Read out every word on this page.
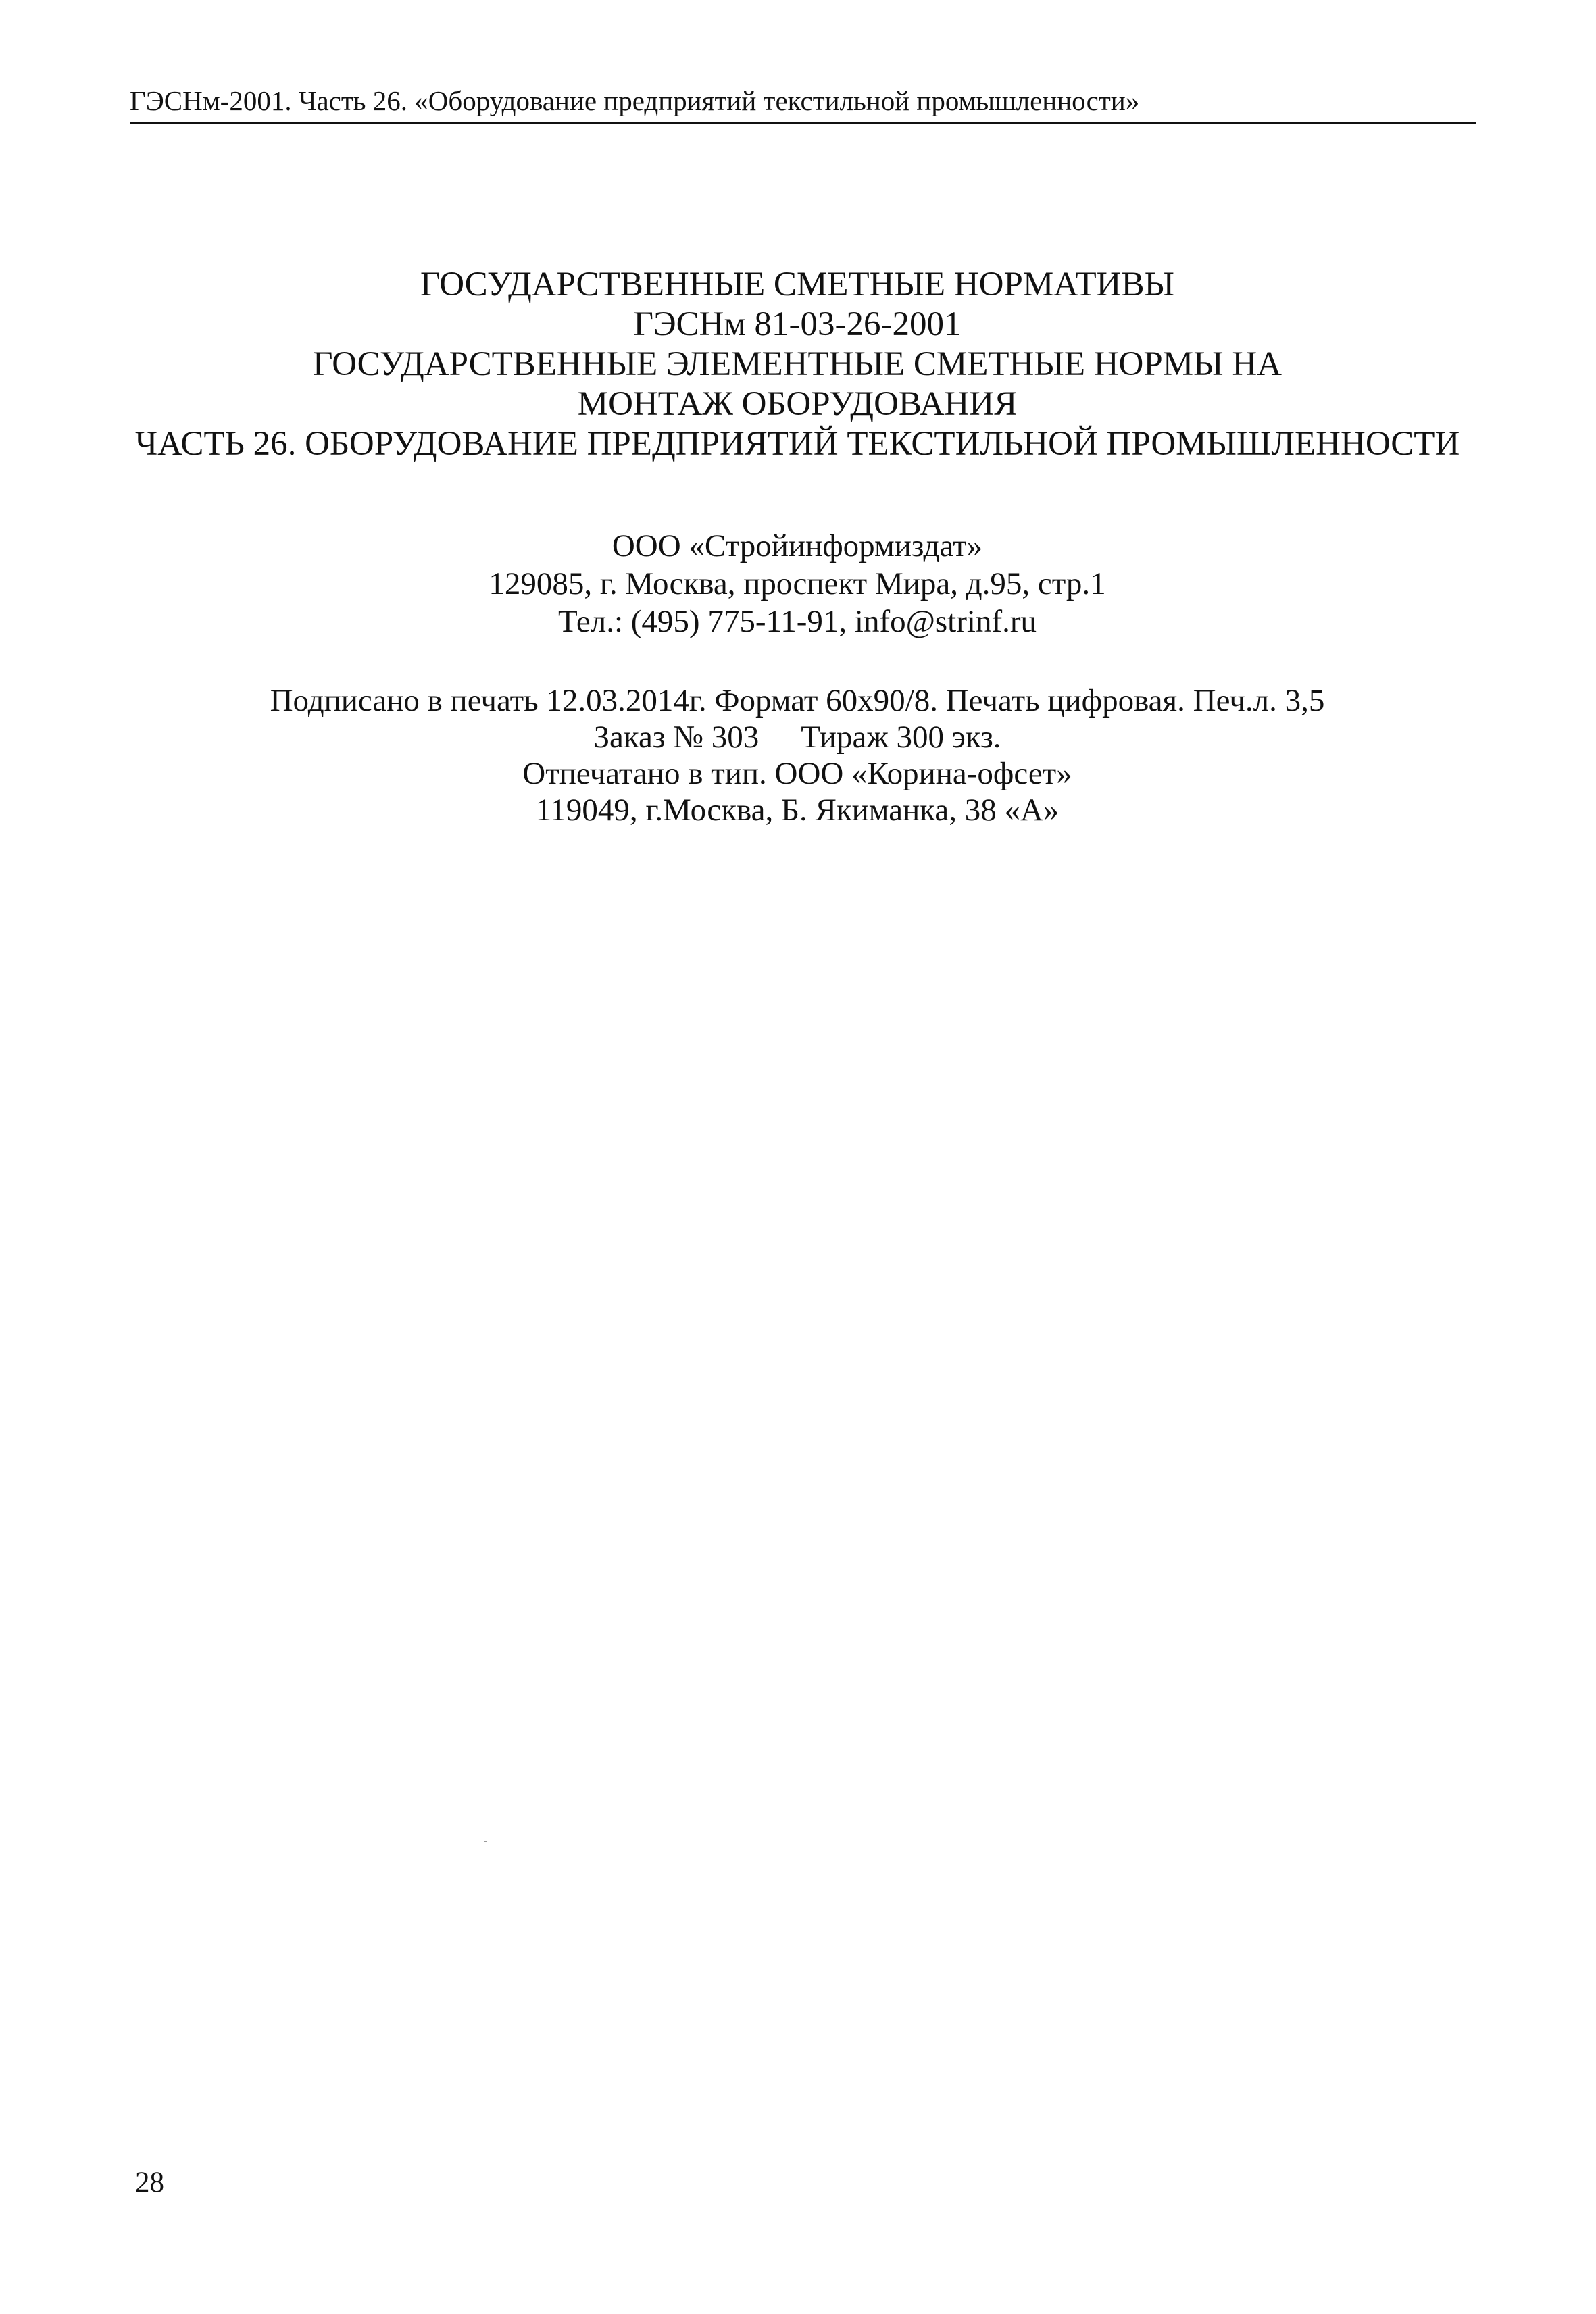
ГЭСНм-2001. Часть 26. «Оборудование предприятий текстильной промышленности»
ГОСУДАРСТВЕННЫЕ СМЕТНЫЕ НОРМАТИВЫ
ГЭСНм 81-03-26-2001
ГОСУДАРСТВЕННЫЕ ЭЛЕМЕНТНЫЕ СМЕТНЫЕ НОРМЫ НА
МОНТАЖ ОБОРУДОВАНИЯ
ЧАСТЬ 26. ОБОРУДОВАНИЕ ПРЕДПРИЯТИЙ ТЕКСТИЛЬНОЙ ПРОМЫШЛЕННОСТИ
ООО «Стройинформиздат»
129085, г. Москва, проспект Мира, д.95, стр.1
Тел.: (495) 775-11-91, info@strinf.ru
Подписано в печать 12.03.2014г. Формат 60х90/8. Печать цифровая. Печ.л. 3,5
Заказ № 303 Тираж 300 экз.
Отпечатано в тип. ООО «Корина-офсет»
119049, г.Москва, Б. Якиманка, 38 «А»
28
